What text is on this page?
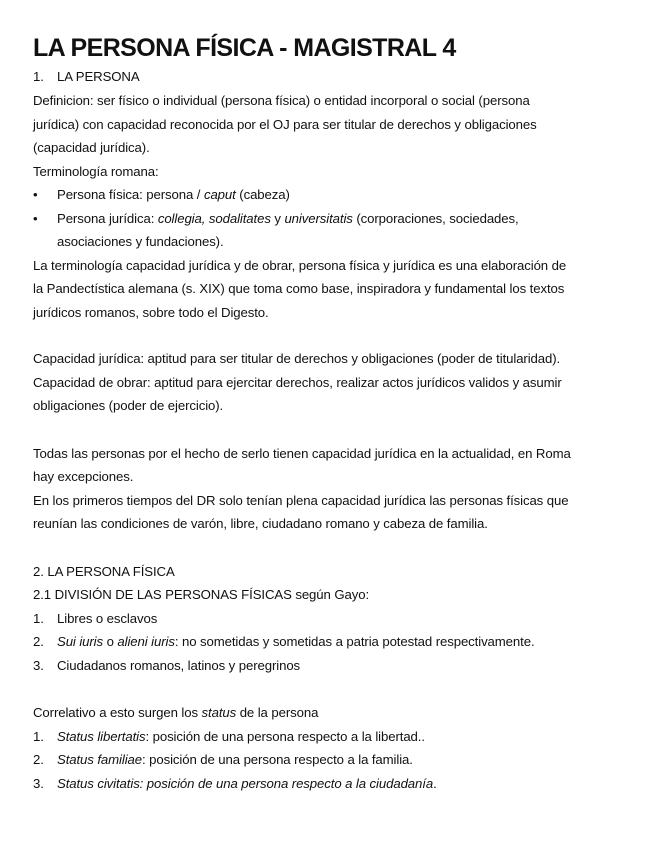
LA PERSONA FÍSICA - MAGISTRAL 4
1. LA PERSONA
Definicion: ser físico o individual (persona física) o entidad incorporal o social (persona
jurídica) con capacidad reconocida por el OJ para ser titular de derechos y obligaciones
(capacidad jurídica).
Terminología romana:
• Persona física: persona / caput (cabeza)
• Persona jurídica: collegia, sodalitates y universitatis (corporaciones, sociedades,
asociaciones y fundaciones).
La terminología capacidad jurídica y de obrar, persona física y jurídica es una elaboración de
la Pandectística alemana (s. XIX) que toma como base, inspiradora y fundamental los textos
jurídicos romanos, sobre todo el Digesto.
Capacidad jurídica: aptitud para ser titular de derechos y obligaciones (poder de titularidad).
Capacidad de obrar: aptitud para ejercitar derechos, realizar actos jurídicos validos y asumir
obligaciones (poder de ejercicio).
Todas las personas por el hecho de serlo tienen capacidad jurídica en la actualidad, en Roma
hay excepciones.
En los primeros tiempos del DR solo tenían plena capacidad jurídica las personas físicas que
reunían las condiciones de varón, libre, ciudadano romano y cabeza de familia.
2. LA PERSONA FÍSICA
2.1 DIVISIÓN DE LAS PERSONAS FÍSICAS según Gayo:
1. Libres o esclavos
2. Sui iuris o alieni iuris: no sometidas y sometidas a patria potestad respectivamente.
3. Ciudadanos romanos, latinos y peregrinos
Correlativo a esto surgen los status de la persona
1. Status libertatis: posición de una persona respecto a la libertad..
2. Status familiae: posición de una persona respecto a la familia.
3. Status civitatis: posición de una persona respecto a la ciudadanía.
